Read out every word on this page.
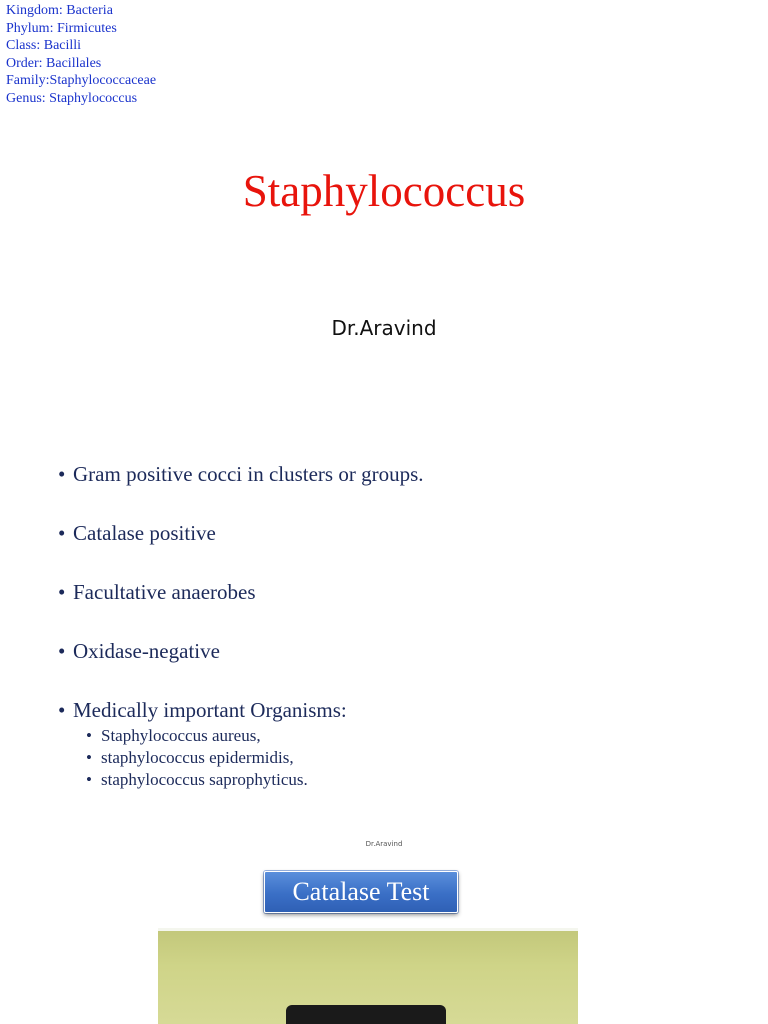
Kingdom: Bacteria
Phylum: Firmicutes
Class: Bacilli
Order: Bacillales
Family:Staphylococcaceae
Genus: Staphylococcus
Staphylococcus
Dr.Aravind
• Gram positive cocci in clusters or groups.
• Catalase positive
• Facultative anaerobes
• Oxidase-negative
• Medically important Organisms:
• Staphylococcus aureus,
• staphylococcus epidermidis,
• staphylococcus saprophyticus.
Dr.Aravind
Catalase Test
